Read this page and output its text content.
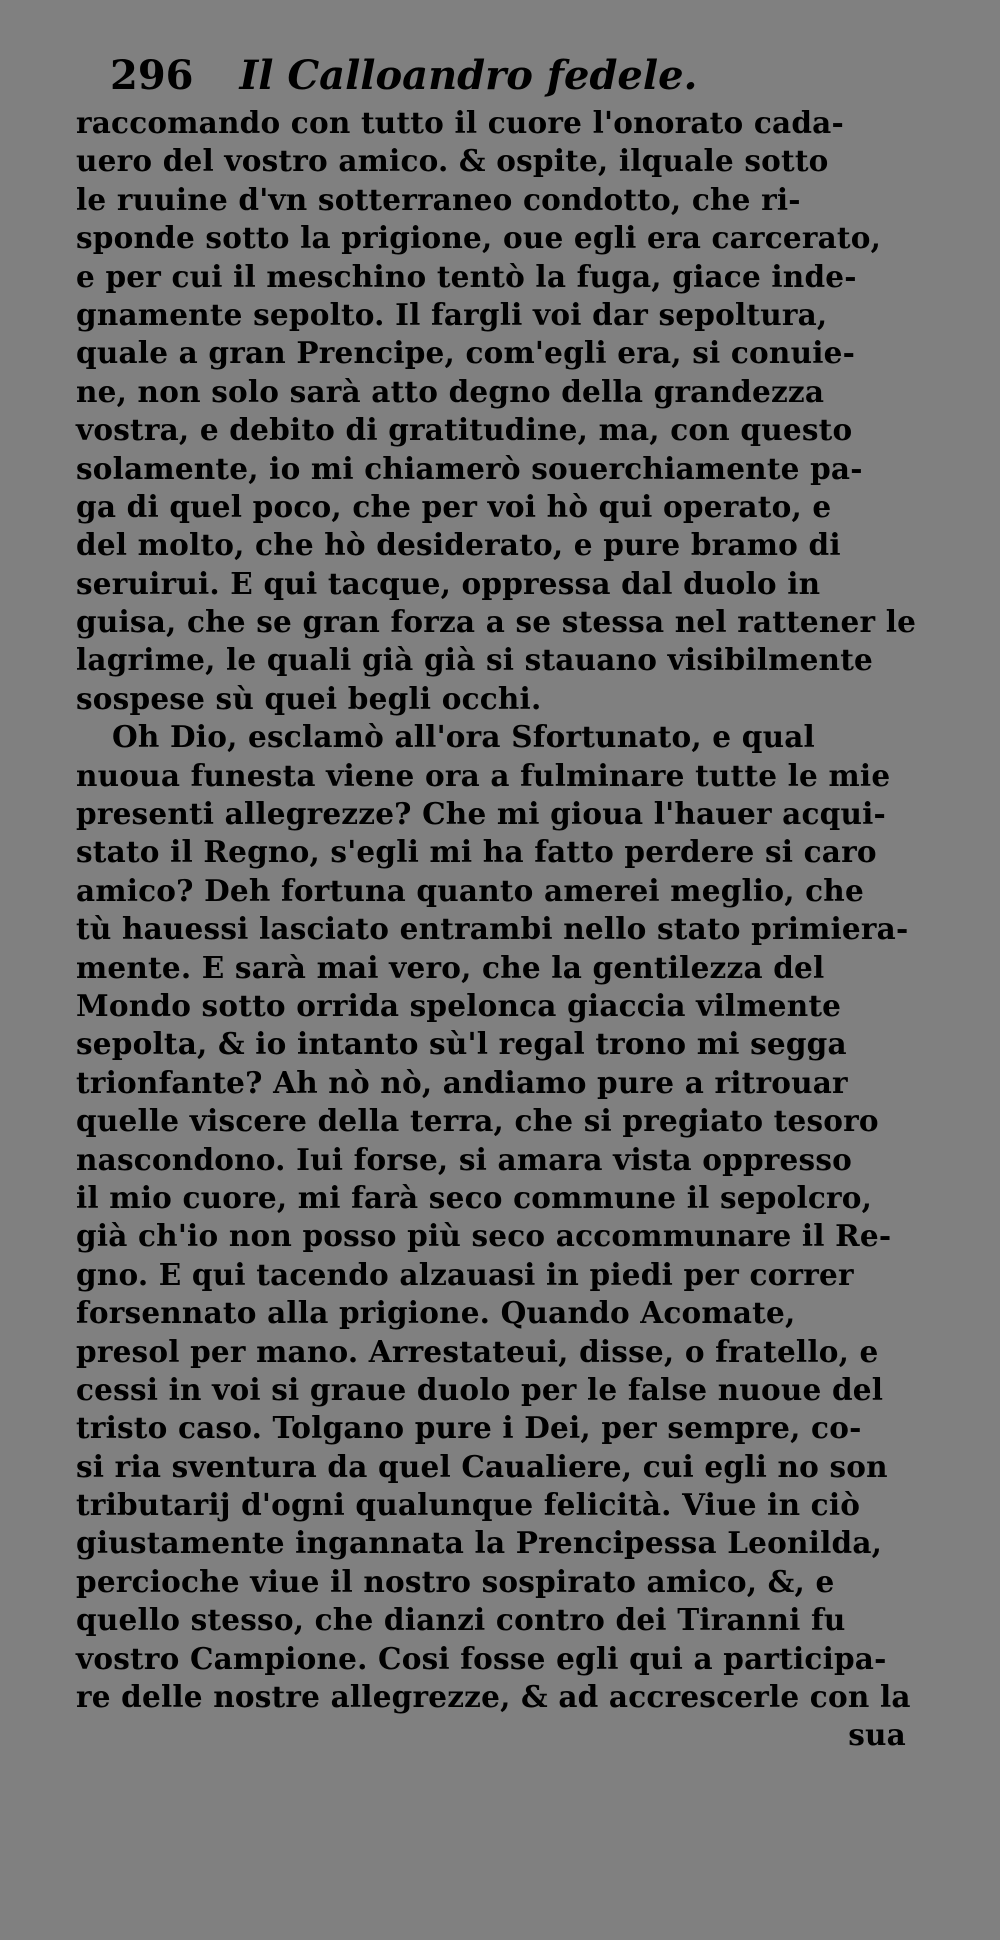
296 Il Calloandro fedele.
raccomando con tutto il cuore l'onorato cada-
uero del vostro amico. & ospite, ilquale sotto
le ruuine d'vn sotterraneo condotto, che ri-
sponde sotto la prigione, oue egli era carcerato,
e per cui il meschino tentò la fuga, giace inde-
gnamente sepolto. Il fargli voi dar sepoltura,
quale a gran Prencipe, com'egli era, si conuie-
ne, non solo sarà atto degno della grandezza
vostra, e debito di gratitudine, ma, con questo
solamente, io mi chiamerò souerchiamente pa-
ga di quel poco, che per voi hò qui operato, e
del molto, che hò desiderato, e pure bramo di
seruirui. E qui tacque, oppressa dal duolo in
guisa, che se gran forza a se stessa nel rattener le
lagrime, le quali già già si stauano visibilmente
sospese sù quei begli occhi.
Oh Dio, esclamò all'ora Sfortunato, e qual
nuoua funesta viene ora a fulminare tutte le mie
presenti allegrezze? Che mi gioua l'hauer acqui-
stato il Regno, s'egli mi ha fatto perdere si caro
amico? Deh fortuna quanto amerei meglio, che
tù hauessi lasciato entrambi nello stato primiera-
mente. E sarà mai vero, che la gentilezza del
Mondo sotto orrida spelonca giaccia vilmente
sepolta, & io intanto sù'l regal trono mi segga
trionfante? Ah nò nò, andiamo pure a ritrouar
quelle viscere della terra, che si pregiato tesoro
nascondono. Iui forse, si amara vista oppresso
il mio cuore, mi farà seco commune il sepolcro,
già ch'io non posso più seco accommunare il Re-
gno. E qui tacendo alzauasi in piedi per correr
forsennato alla prigione. Quando Acomate,
presol per mano. Arrestateui, disse, o fratello, e
cessi in voi si graue duolo per le false nuoue del
tristo caso. Tolgano pure i Dei, per sempre, co-
si ria sventura da quel Caualiere, cui egli no son
tributarij d'ogni qualunque felicità. Viue in ciò
giustamente ingannata la Prencipessa Leonilda,
percioche viue il nostro sospirato amico, &, e
quello stesso, che dianzi contro dei Tiranni fu
vostro Campione. Cosi fosse egli qui a participa-
re delle nostre allegrezze, & ad accrescerle con la
sua
